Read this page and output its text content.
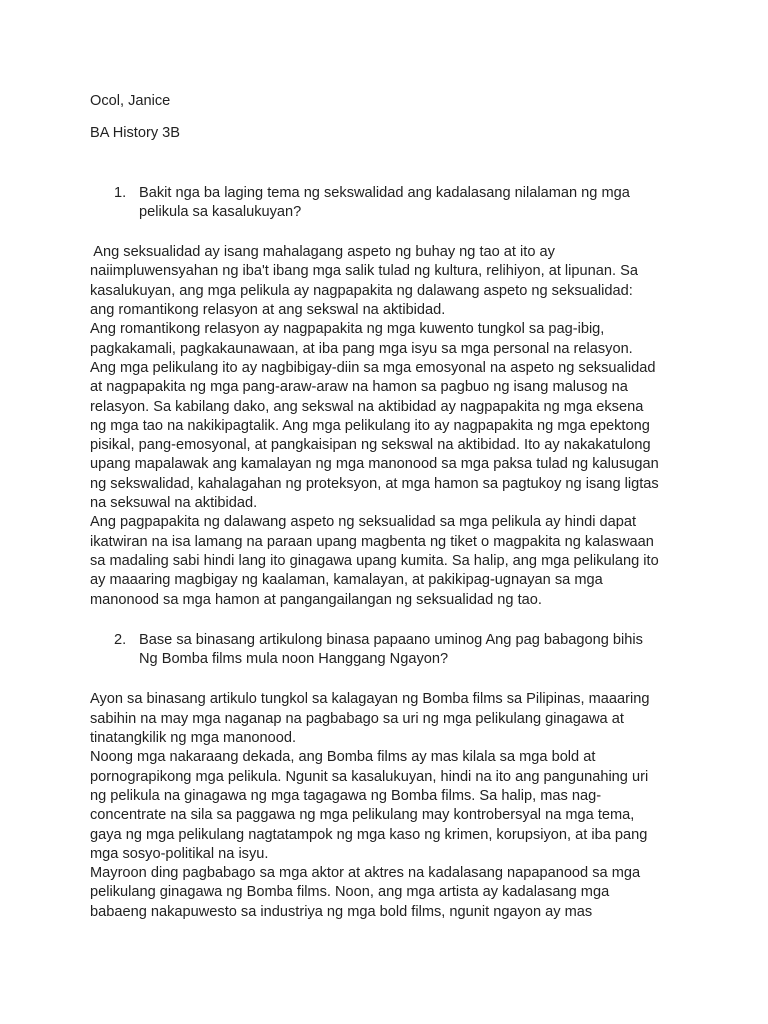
Ocol, Janice

BA History 3B

1. Bakit nga ba laging tema ng sekswalidad ang kadalasang nilalaman ng mga
pelikula sa kasalukuyan?

Ang seksualidad ay isang mahalagang aspeto ng buhay ng tao at ito ay
naiimpluwensyahan ng iba't ibang mga salik tulad ng kultura, relihiyon, at lipunan. Sa
kasalukuyan, ang mga pelikula ay nagpapakita ng dalawang aspeto ng seksualidad:
ang romantikong relasyon at ang sekswal na aktibidad.

Ang romantikong relasyon ay nagpapakita ng mga kuwento tungkol sa pag-ibig,
pagkakamali, pagkakaunawaan, at iba pang mga isyu sa mga personal na relasyon.
Ang mga pelikulang ito ay nagbibigay-diin sa mga emosyonal na aspeto ng seksualidad
at nagpapakita ng mga pang-araw-araw na hamon sa pagbuo ng isang malusog na
relasyon. Sa kabilang dako, ang sekswal na aktibidad ay nagpapakita ng mga eksena
ng mga tao na nakikipagtalik. Ang mga pelikulang ito ay nagpapakita ng mga epektong
pisikal, pang-emosyonal, at pangkaisipan ng sekswal na aktibidad. Ito ay nakakatulong
upang mapalawak ang kamalayan ng mga manonood sa mga paksa tulad ng kalusugan
ng sekswalidad, kahalagahan ng proteksyon, at mga hamon sa pagtukoy ng isang ligtas
na seksuwal na aktibidad.

Ang pagpapakita ng dalawang aspeto ng seksualidad sa mga pelikula ay hindi dapat
ikatwiran na isa lamang na paraan upang magbenta ng tiket o magpakita ng kalaswaan
sa madaling sabi hindi lang ito ginagawa upang kumita. Sa halip, ang mga pelikulang ito
ay maaaring magbigay ng kaalaman, kamalayan, at pakikipag-ugnayan sa mga
manonood sa mga hamon at pangangailangan ng seksualidad ng tao.

2. Base sa binasang artikulong binasa papaano uminog Ang pag babagong bihis
Ng Bomba films mula noon Hanggang Ngayon?

Ayon sa binasang artikulo tungkol sa kalagayan ng Bomba films sa Pilipinas, maaaring
sabihin na may mga naganap na pagbabago sa uri ng mga pelikulang ginagawa at
tinatangkilik ng mga manonood.

Noong mga nakaraang dekada, ang Bomba films ay mas kilala sa mga bold at
pornograpikong mga pelikula. Ngunit sa kasalukuyan, hindi na ito ang pangunahing uri
ng pelikula na ginagawa ng mga tagagawa ng Bomba films. Sa halip, mas nag-
concentrate na sila sa paggawa ng mga pelikulang may kontrobersyal na mga tema,
gaya ng mga pelikulang nagtatampok ng mga kaso ng krimen, korupsiyon, at iba pang
mga sosyo-politikal na isyu.

Mayroon ding pagbabago sa mga aktor at aktres na kadalasang napapanood sa mga
pelikulang ginagawa ng Bomba films. Noon, ang mga artista ay kadalasang mga
babaeng nakapuwesto sa industriya ng mga bold films, ngunit ngayon ay mas
